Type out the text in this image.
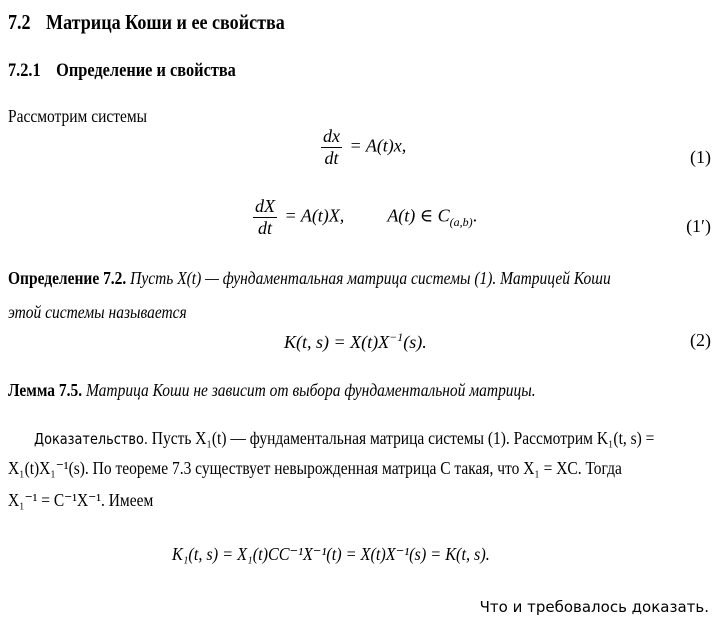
7.2 Матрица Коши и ее свойства
7.2.1 Определение и свойства
Рассмотрим системы
$\frac{dx}{dt} = A(t)x$,
(1)
$\frac{dX}{dt} = A(t)X$, A(t) ∈ $C_{(a,b)}$.
(1′)
Определение 7.2. Пусть X(t) — фундаментальная матрица системы (1). Матрицей Коши
этой системы называется
K(t, $s) = X(t)X^{-1}(s)$.	(2)
Лемма 7.5. Матрица Коши не зависит от выбора фундаментальной матрицы.
Доказательство. Пусть X₁(t) — фундаментальная матрица системы (1). Рассмотрим K₁(t, s) =
X₁(t)X₁⁻¹(s). По теореме 7.3 существует невырожденная матрица C такая, что X₁ = XC. Тогда
X₁⁻¹ = C⁻¹X⁻¹. Имеем
K₁(t, s) = X₁(t)CC⁻¹X⁻¹(t) = X(t)X⁻¹(s) = K(t, s).
Что и требовалось доказать.
